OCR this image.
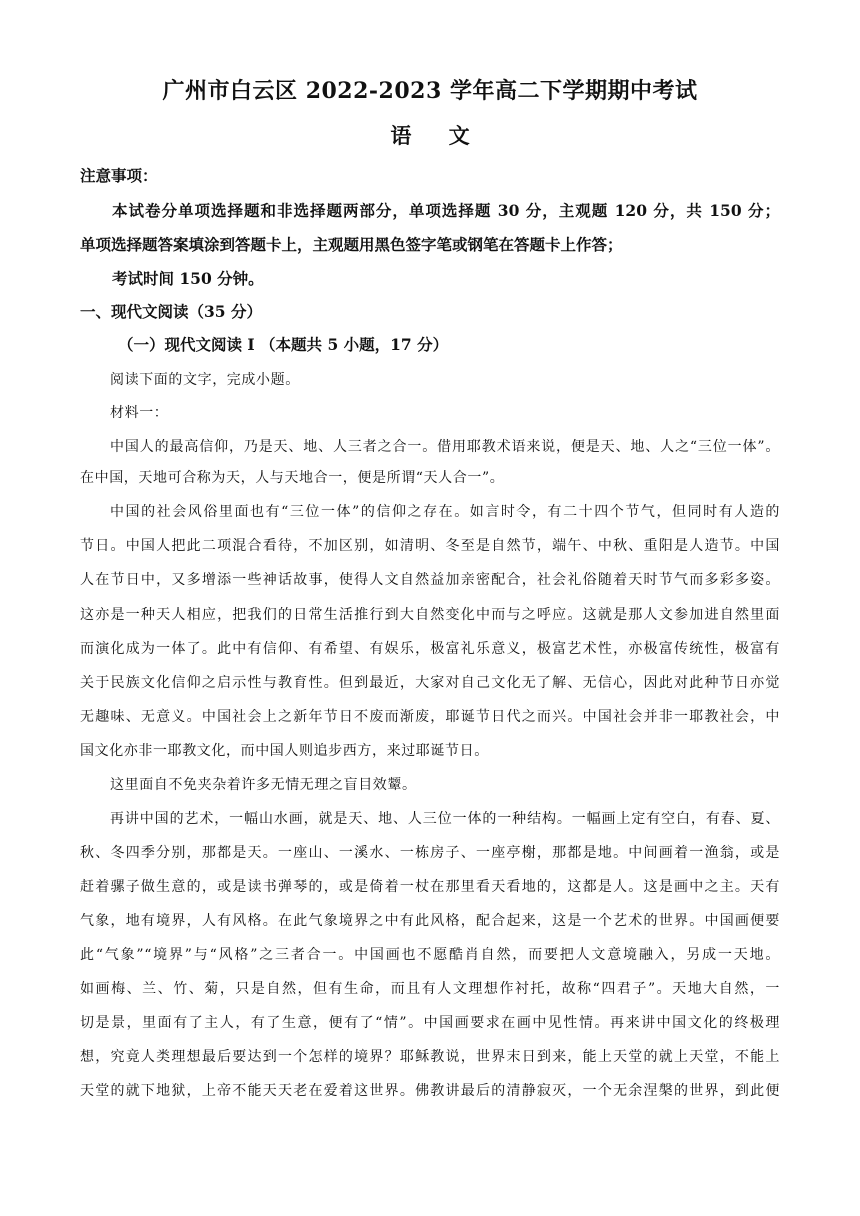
广州市白云区 2022-2023 学年高二下学期期中考试
语 文
注意事项：
本试卷分单项选择题和非选择题两部分，单项选择题 30 分，主观题 120 分，共 150 分；
单项选择题答案填涂到答题卡上，主观题用黑色签字笔或钢笔在答题卡上作答；
考试时间 150 分钟。
一、现代文阅读（35 分）
（一）现代文阅读 Ⅰ （本题共 5 小题，17 分）
阅读下面的文字，完成小题。
材料一：
中国人的最高信仰，乃是天、地、人三者之合一。借用耶教术语来说，便是天、地、人之“三位一体”。
在中国，天地可合称为天，人与天地合一，便是所谓“天人合一”。
中国的社会风俗里面也有“三位一体”的信仰之存在。如言时令，有二十四个节气，但同时有人造的
节日。中国人把此二项混合看待，不加区别，如清明、冬至是自然节，端午、中秋、重阳是人造节。中国
人在节日中，又多增添一些神话故事，使得人文自然益加亲密配合，社会礼俗随着天时节气而多彩多姿。
这亦是一种天人相应，把我们的日常生活推行到大自然变化中而与之呼应。这就是那人文参加进自然里面
而演化成为一体了。此中有信仰、有希望、有娱乐，极富礼乐意义，极富艺术性，亦极富传统性，极富有
关于民族文化信仰之启示性与教育性。但到最近，大家对自己文化无了解、无信心，因此对此种节日亦觉
无趣味、无意义。中国社会上之新年节日不废而渐废，耶诞节日代之而兴。中国社会并非一耶教社会，中
国文化亦非一耶教文化，而中国人则追步西方，来过耶诞节日。
这里面自不免夹杂着许多无情无理之盲目效颦。
再讲中国的艺术，一幅山水画，就是天、地、人三位一体的一种结构。一幅画上定有空白，有春、夏、
秋、冬四季分别，那都是天。一座山、一溪水、一栋房子、一座亭榭，那都是地。中间画着一渔翁，或是
赶着骡子做生意的，或是读书弹琴的，或是倚着一杖在那里看天看地的，这都是人。这是画中之主。天有
气象，地有境界，人有风格。在此气象境界之中有此风格，配合起来，这是一个艺术的世界。中国画便要
此“气象”“境界”与“风格”之三者合一。中国画也不愿酷肖自然，而要把人文意境融入，另成一天地。
如画梅、兰、竹、菊，只是自然，但有生命，而且有人文理想作衬托，故称“四君子”。天地大自然，一
切是景，里面有了主人，有了生意，便有了“情”。中国画要求在画中见性情。再来讲中国文化的终极理
想，究竟人类理想最后要达到一个怎样的境界？耶稣教说，世界末日到来，能上天堂的就上天堂，不能上
天堂的就下地狱，上帝不能天天老在爱着这世界。佛教讲最后的清静寂灭，一个无余涅槃的世界，到此便
